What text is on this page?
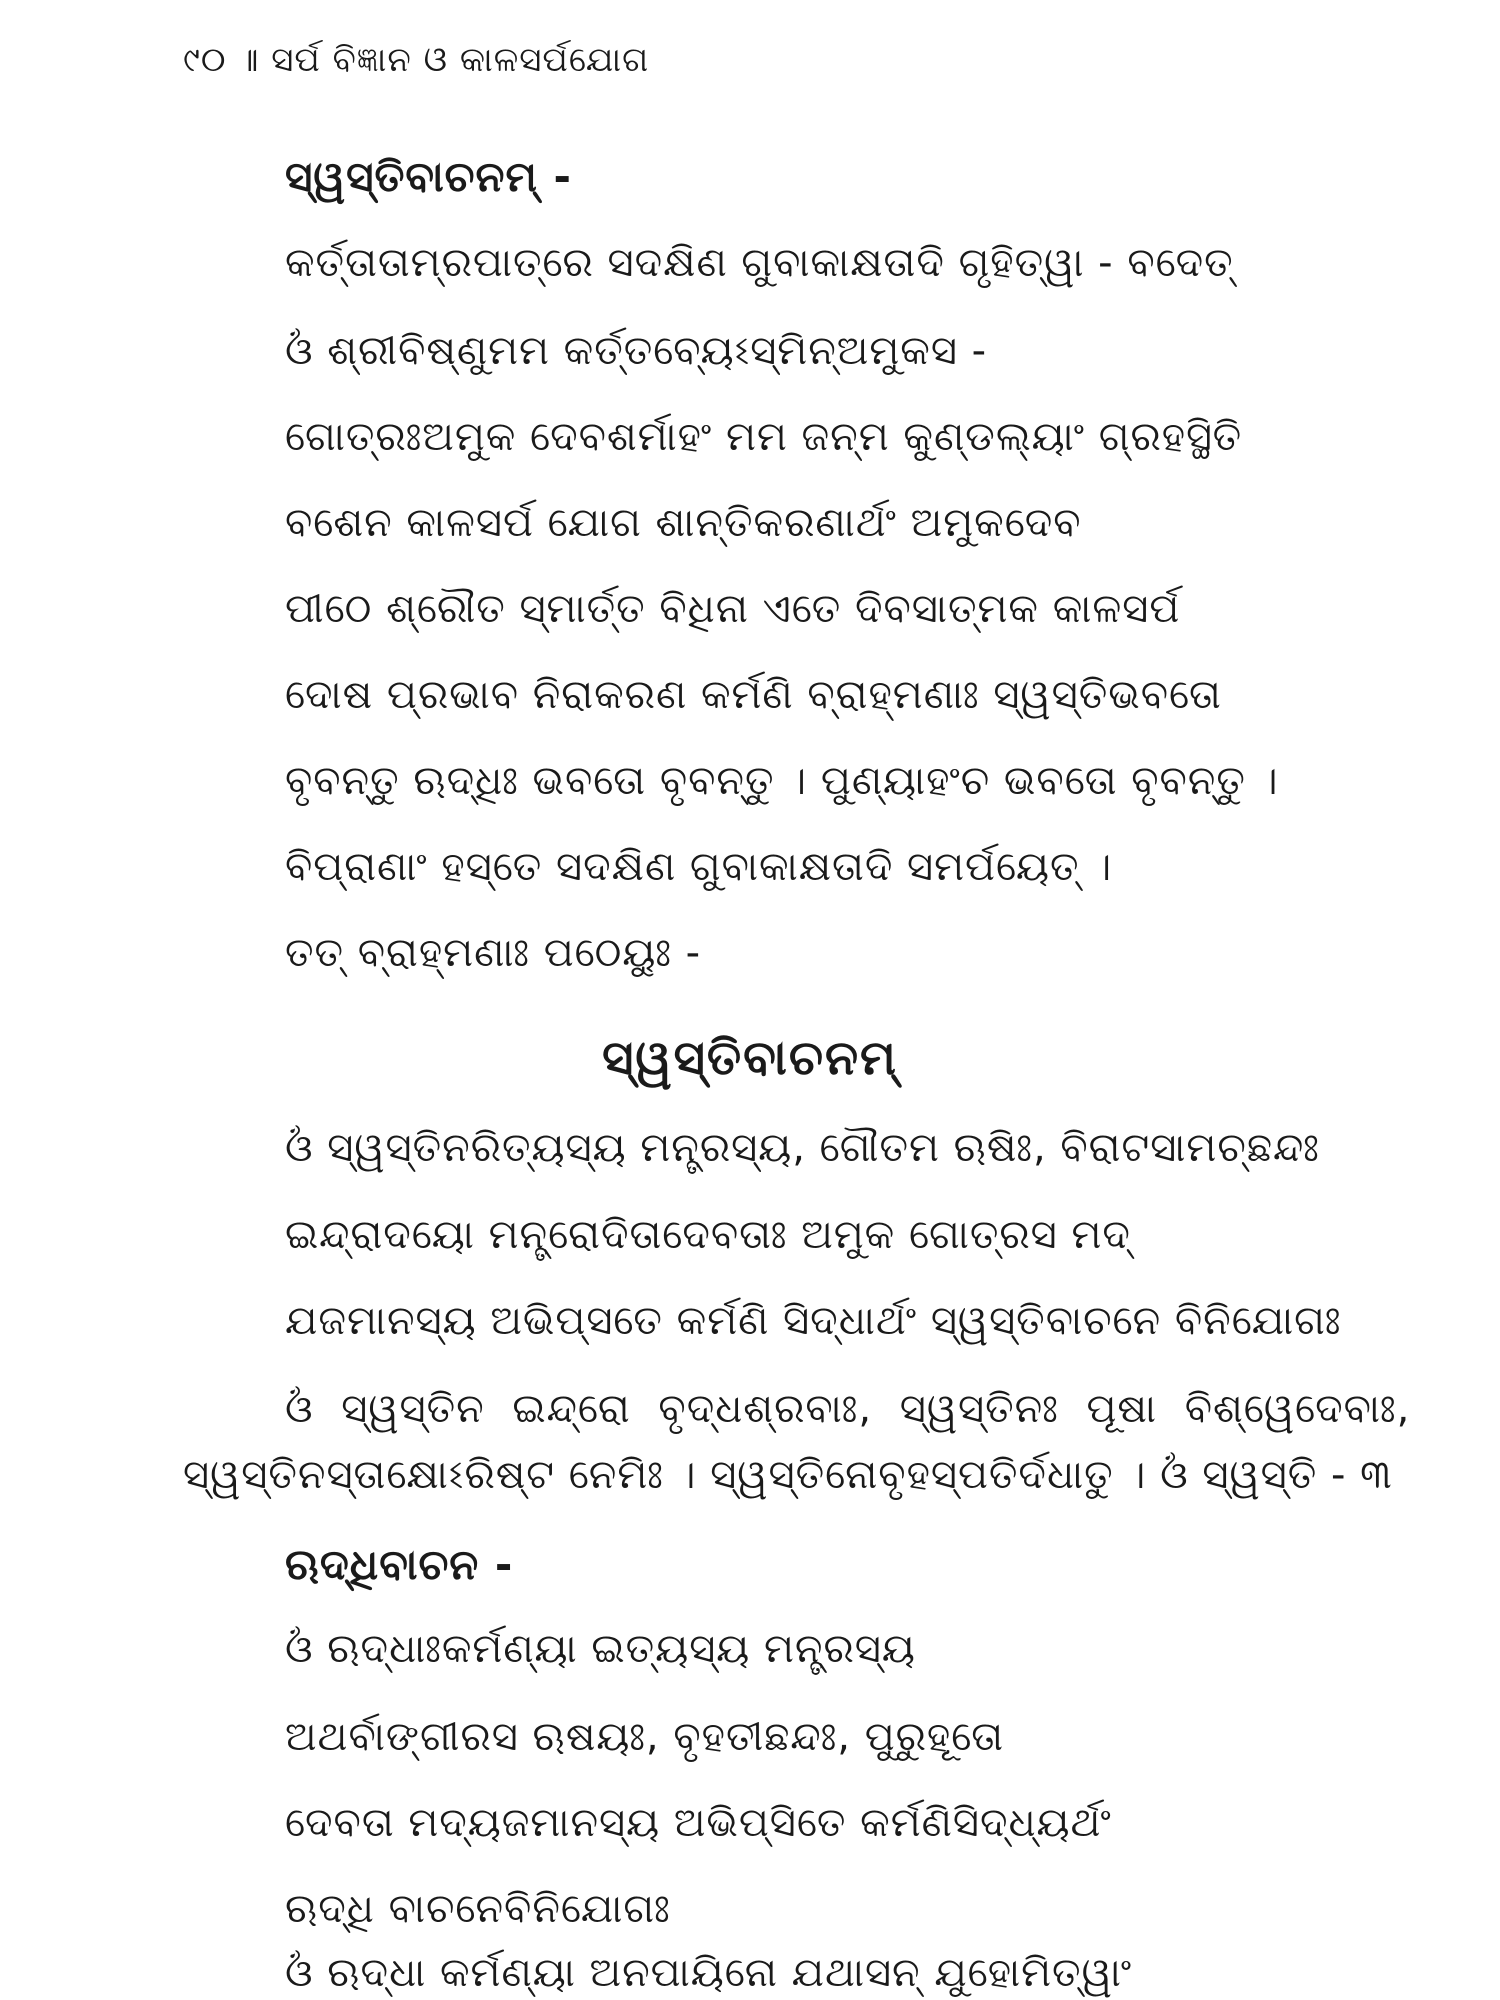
୯୦ ॥ ସର୍ପ ବିଜ୍ଞାନ ଓ କାଳସର୍ପଯୋଗ
ସ୍ୱସ୍ତିବାଚନମ୍ -
କର୍ତ୍ତାତାମ୍ରପାତ୍ରେ ସଦକ୍ଷିଣ ଗୁବାକାକ୍ଷତାଦି ଗୃହିତ୍ୱା - ବଦେତ୍
ଓଁ ଶ୍ରୀବିଷ୍ଣୁମମ କର୍ତ୍ତବ୍ୟେଽସ୍ମିନ୍‌ଅମୁକସ -
ଗୋତ୍ରଃଅମୁକ ଦେବଶର୍ମାହଂ ମମ ଜନ୍ମ କୁଣ୍ଡଲ୍ୟାଂ ଗ୍ରହସ୍ଥିତି
ବଶେନ କାଳସର୍ପ ଯୋଗ ଶାନ୍ତିକରଣାର୍ଥଂ ଅମୁକଦେବ
ପୀଠେ ଶ୍ରୌତ ସ୍ମାର୍ତ୍ତ ବିଧିନା ଏତେ ଦିବସାତ୍ମକ କାଳସର୍ପ
ଦୋଷ ପ୍ରଭାବ ନିରାକରଣ କର୍ମଣି ବ୍ରାହ୍ମଣାଃ ସ୍ୱସ୍ତିଭବତୋ
ବୃବନ୍ତୁ ଋଦ୍ଧିଃ ଭବତୋ ବୃବନ୍ତୁ । ପୁଣ୍ୟାହଂଚ ଭବତୋ ବୃବନ୍ତୁ ।
ବିପ୍ରାଣାଂ ହସ୍ତେ ସଦକ୍ଷିଣ ଗୁବାକାକ୍ଷତାଦି ସମର୍ପୟେତ୍ ।
ତତ୍ ବ୍ରାହ୍ମଣାଃ ପଠେୟୁଃ -
ସ୍ୱସ୍ତିବାଚନମ୍
ଓଁ ସ୍ୱସ୍ତିନରିତ୍ୟସ୍ୟ ମନ୍ତ୍ରସ୍ୟ, ଗୌତମ ଋଷିଃ, ବିରାଟସାମଚ୍ଛନ୍ଦଃ
ଇନ୍ଦ୍ରାଦୟୋ ମନ୍ତ୍ରୋଦିତାଦେବତାଃ ଅମୁକ ଗୋତ୍ରସ ମଦ୍
ଯଜମାନସ୍ୟ ଅଭିପ୍ସତେ କର୍ମଣି ସିଦ୍ଧାର୍ଥଂ ସ୍ୱସ୍ତିବାଚନେ ବିନିଯୋଗଃ
ଓଁ ସ୍ୱସ୍ତିନ ଇନ୍ଦ୍ରୋ ବୃଦ୍ଧଶ୍ରବାଃ, ସ୍ୱସ୍ତିନଃ ପୂଷା ବିଶ୍ୱେଦେବାଃ,
ସ୍ୱସ୍ତିନସ୍ତାକ୍ଷୋଽରିଷ୍ଟ ନେମିଃ । ସ୍ୱସ୍ତିନୋବୃହସ୍ପତିର୍ଦଧାତୁ । ଓଁ ସ୍ୱସ୍ତି - ୩
ଋଦ୍ଧିବାଚନ -
ଓଁ ଋଦ୍ଧାଃକର୍ମଣ୍ୟା ଇତ୍ୟସ୍ୟ ମନ୍ତ୍ରସ୍ୟ
ଅଥର୍ବାଙ୍ଗୀରସ ଋଷୟଃ, ବୃହତୀଛନ୍ଦଃ, ପୁରୁହୂତୋ
ଦେବତା ମଦ୍ୟଜମାନସ୍ୟ ଅଭିପ୍ସିତେ କର୍ମଣିସିଦ୍ଧ୍ୟର୍ଥଂ
ଋଦ୍ଧି ବାଚନେବିନିଯୋଗଃ
ଓଁ ଋଦ୍ଧା କର୍ମଣ୍ୟା ଅନପାୟିନୋ ଯଥାସନ୍ ଯୁହୋମିତ୍ୱାଂ
